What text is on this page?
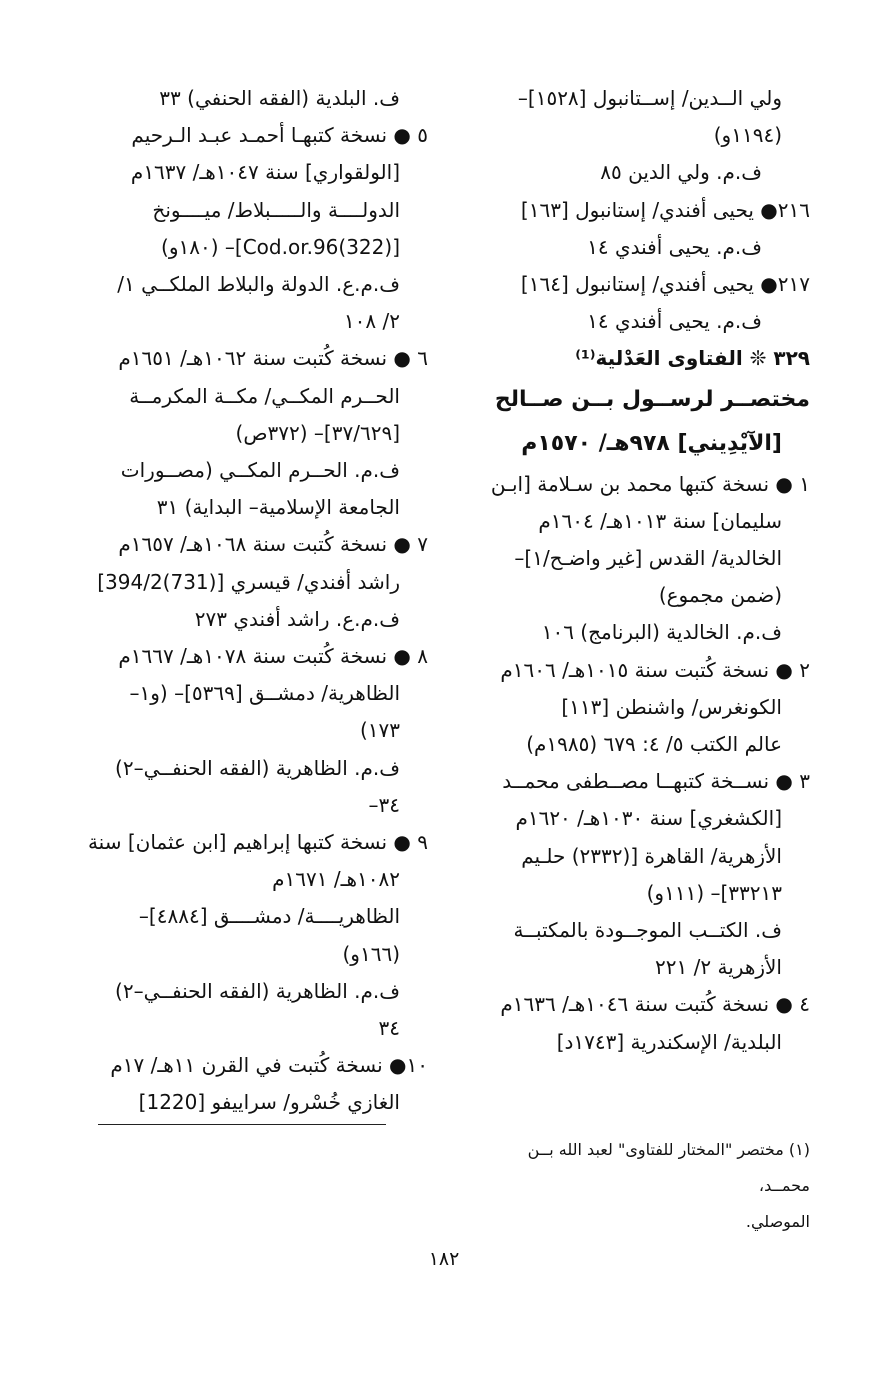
ولي الــدين/ إســتانبول [١٥٢٨]–
(١١٩٤و)
ف.م. ولي الدين ٨٥
٢١٦● يحيى أفندي/ إستانبول [١٦٣]
ف.م. يحيى أفندي ١٤
٢١٧● يحيى أفندي/ إستانبول [١٦٤]
ف.م. يحيى أفندي ١٤
٣٢٩ ❊ الفتاوى العَدْلية⁽¹⁾
مختصــر لرســول بــن صــالح
[الآيْدِيني] ٩٧٨هـ/ ١٥٧٠م
١ ● نسخة كتبها محمد بن سـلامة [ابـن
سليمان] سنة ١٠١٣هـ/ ١٦٠٤م
الخالدية/ القدس [غير واضـح/١]–
(ضمن مجموع)
ف.م. الخالدية (البرنامج) ١٠٦
٢ ● نسخة كُتبت سنة ١٠١٥هـ/ ١٦٠٦م
الكونغرس/ واشنطن [١١٣]
عالم الكتب ٥/ ٤: ٦٧٩ (١٩٨٥م)
٣ ● نســخة كتبهــا مصــطفى محمــد
[الكشغري] سنة ١٠٣٠هـ/ ١٦٢٠م
الأزهرية/ القاهرة [(٢٣٣٢) حلـيم
٣٣٢١٣]– (١١١و)
ف. الكتــب الموجــودة بالمكتبــة
الأزهرية ٢/ ٢٢١
٤ ● نسخة كُتبت سنة ١٠٤٦هـ/ ١٦٣٦م
البلدية/ الإسكندرية [١٧٤٣د]
ف. البلدية (الفقه الحنفي) ٣٣
٥ ● نسخة كتبهـا أحمـد عبـد الـرحيم
[الولقواري] سنة ١٠٤٧هـ/ ١٦٣٧م
الدولــــة والـــــبلاط/ ميــــونخ
[(322)Cod.or.96]– (١٨٠و)
ف.م.ع. الدولة والبلاط الملكــي ١/
٢/ ١٠٨
٦ ● نسخة كُتبت سنة ١٠٦٢هـ/ ١٦٥١م
الحــرم المكــي/ مكــة المكرمــة
[٣٧/٦٢٩]– (٣٧٢ص)
ف.م. الحــرم المكــي (مصــورات
الجامعة الإسلامية– البداية) ٣١
٧ ● نسخة كُتبت سنة ١٠٦٨هـ/ ١٦٥٧م
راشد أفندي/ قيسري [(731)394/2]
ف.م.ع. راشد أفندي ٢٧٣
٨ ● نسخة كُتبت سنة ١٠٧٨هـ/ ١٦٦٧م
الظاهرية/ دمشــق [٥٣٦٩]– (و١–
١٧٣)
ف.م. الظاهرية (الفقه الحنفــي–٢)
٣٤–
٩ ● نسخة كتبها إبراهيم [ابن عثمان] سنة
١٠٨٢هـ/ ١٦٧١م
الظاهريــــة/ دمشــــق [٤٨٨٤]–
(١٦٦و)
ف.م. الظاهرية (الفقه الحنفــي–٢)
٣٤
١٠● نسخة كُتبت في القرن ١١هـ/ ١٧م
الغازي خُسْرو/ سراييفو [1220]
(١) مختصر "المختار للفتاوى" لعبد الله بــن محمــد،
الموصلي.
١٨٢
